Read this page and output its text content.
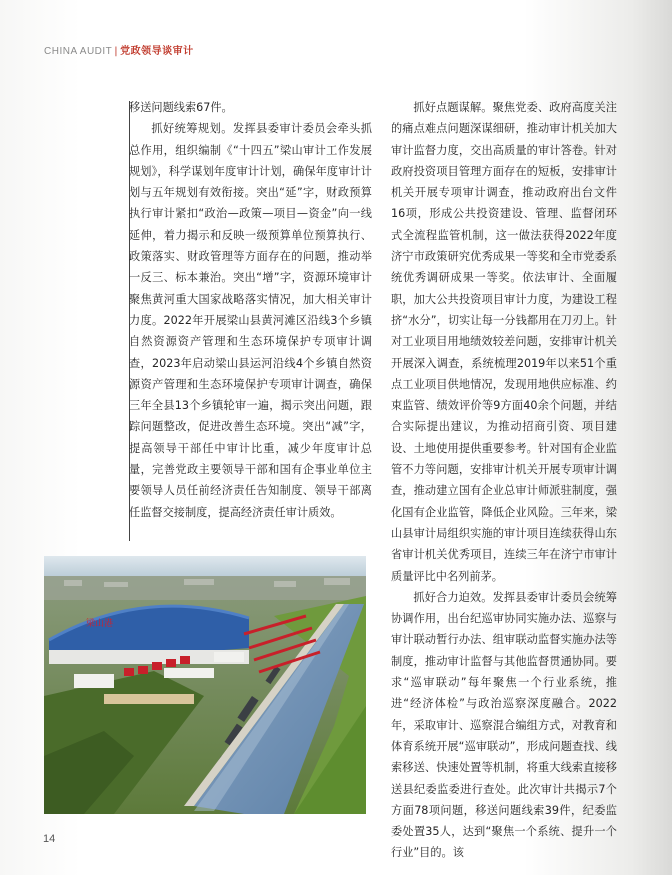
CHINA AUDIT | 党政领导谈审计

移送问题线索67件。

抓好统筹规划。发挥县委审计委员会牵头抓总作用，组织编制《“十四五”梁山审计工作发展规划》，科学谋划年度审计计划，确保年度审计计划与五年规划有效衔接。突出“延”字，财政预算执行审计紧扣“政治—政策—项目—资金”向一线延伸，着力揭示和反映一级预算单位预算执行、政策落实、财政管理等方面存在的问题，推动举一反三、标本兼治。突出“增”字，资源环境审计聚焦黄河重大国家战略落实情况，加大相关审计力度。2022年开展梁山县黄河滩区沿线3个乡镇自然资源资产管理和生态环境保护专项审计调查，2023年启动梁山县运河沿线4个乡镇自然资源资产管理和生态环境保护专项审计调查，确保三年全县13个乡镇轮审一遍，揭示突出问题，跟踪问题整改，促进改善生态环境。突出“减”字，提高领导干部任中审计比重，减少年度审计总量，完善党政主要领导干部和国有企事业单位主要领导人员任前经济责任告知制度、领导干部离任监督交接制度，提高经济责任审计质效。

抓好点题谋解。聚焦党委、政府高度关注的痛点难点问题深谋细研，推动审计机关加大审计监督力度，交出高质量的审计答卷。针对政府投资项目管理方面存在的短板，安排审计机关开展专项审计调查，推动政府出台文件16项，形成公共投资建设、管理、监督闭环式全流程监管机制，这一做法获得2022年度济宁市政策研究优秀成果一等奖和全市党委系统优秀调研成果一等奖。依法审计、全面履职，加大公共投资项目审计力度，为建设工程挤“水分”，切实让每一分钱都用在刀刃上。针对工业项目用地绩效较差问题，安排审计机关开展深入调查，系统梳理2019年以来51个重点工业项目供地情况，发现用地供应标准、约束监管、绩效评价等9方面40余个问题，并结合实际提出建议，为推动招商引资、项目建设、土地使用提供重要参考。针对国有企业监管不力等问题，安排审计机关开展专项审计调查，推动建立国有企业总审计师派驻制度，强化国有企业监管，降低企业风险。三年来，梁山县审计局组织实施的审计项目连续获得山东省审计机关优秀项目，连续三年在济宁市审计质量评比中名列前茅。

抓好合力迫效。发挥县委审计委员会统筹协调作用，出台纪巡审协同实施办法、巡察与审计联动暂行办法、组审联动监督实施办法等制度，推动审计监督与其他监督贯通协同。要求“巡审联动”每年聚焦一个行业系统，推进“经济体检”与政治巡察深度融合。2022年，采取审计、巡察混合编组方式，对教育和体育系统开展“巡审联动”，形成问题查找、线索移送、快速处置等机制，将重大线索直接移送县纪委监委进行查处。此次审计共揭示7个方面78项问题，移送问题线索39件，纪委监委处置35人，达到“聚焦一个系统、提升一个行业”目的。该

梁山港
14
